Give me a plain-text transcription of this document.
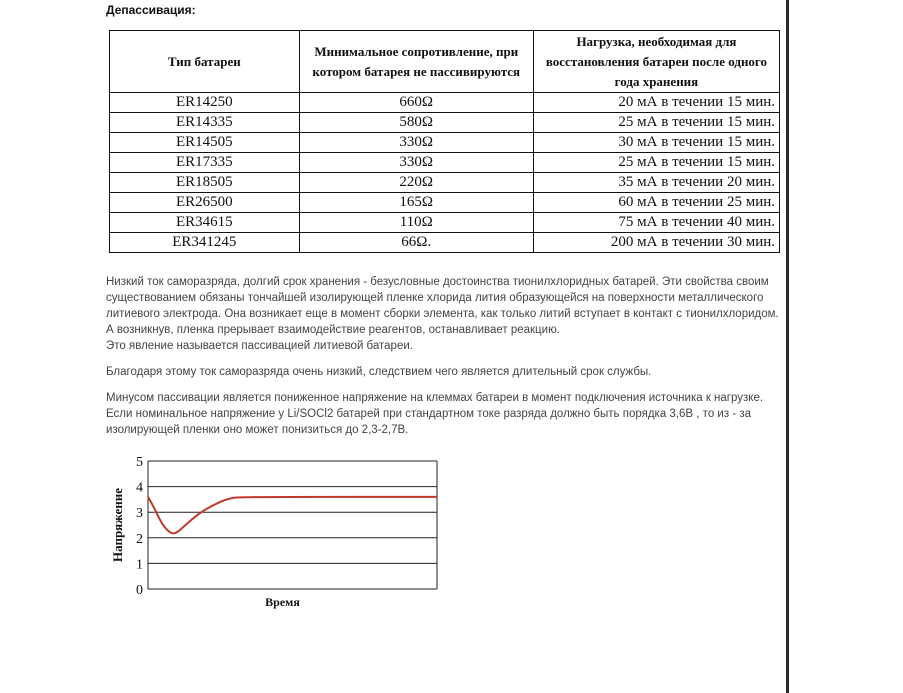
Депассивация:
Тип батареи	Минимальное сопротивление, при котором батарея не пассивируются	Нагрузка, необходимая для восстановления батареи после одного года хранения
ER14250	660Ω	20 мА в течении 15 мин.
ER14335	580Ω	25 мА в течении 15 мин.
ER14505	330Ω	30 мА в течении 15 мин.
ER17335	330Ω	25 мА в течении 15 мин.
ER18505	220Ω	35 мА в течении 20 мин.
ER26500	165Ω	60 мА в течении 25 мин.
ER34615	110Ω	75 мА в течении 40 мин.
ER341245	66Ω.	200 мА в течении 30 мин.
Низкий ток саморазряда, долгий срок хранения - безусловные достоинства тионилхлоридных батарей. Эти свойства своим существованием обязаны тончайшей изолирующей пленке хлорида лития образующейся на поверхности металлического литиевого электрода. Она возникает еще в момент сборки элемента, как только литий вступает в контакт с тионилхлоридом.
А возникнув, пленка прерывает взаимодействие реагентов, останавливает реакцию.
Это явление называется пассивацией литиевой батареи.
Благодаря этому ток саморазряда очень низкий, следствием чего является длительный срок службы.
Минусом пассивации является пониженное напряжение на клеммах батареи в момент подключения источника к нагрузке.
Если номинальное напряжение у Li/SOCl2 батарей при стандартном токе разряда должно быть порядка 3,6В , то из - за изолирующей пленки оно может понизиться до 2,3-2,7В.
0
1
2
3
4
5
Время
Напряжение
